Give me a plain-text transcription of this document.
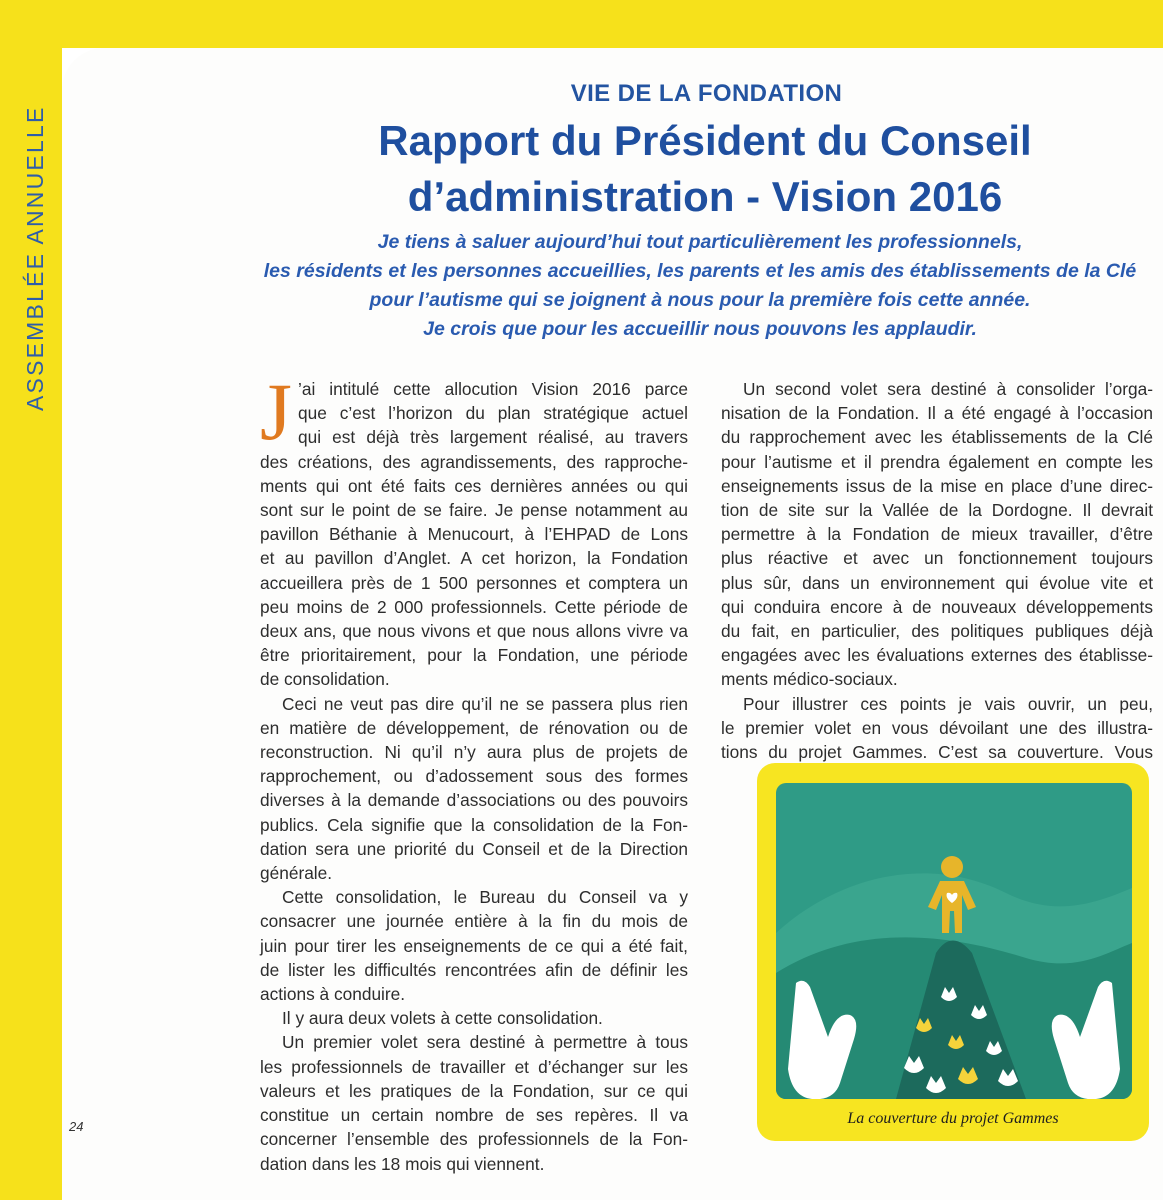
ASSEMBLÉE ANNUELLE
VIE DE LA FONDATION
Rapport du Président du Conseil
d’administration - Vision 2016
Je tiens à saluer aujourd’hui tout particulièrement les professionnels,
les résidents et les personnes accueillies, les parents et les amis des établissements de la Clé
pour l’autisme qui se joignent à nous pour la première fois cette année.
Je crois que pour les accueillir nous pouvons les applaudir.
J ’ai intitulé cette allocution Vision 2016 parce
que c’est l’horizon du plan stratégique actuel
qui est déjà très largement réalisé, au travers
des créations, des agrandissements, des rapproche-
ments qui ont été faits ces dernières années ou qui
sont sur le point de se faire. Je pense notamment au
pavillon Béthanie à Menucourt, à l’EHPAD de Lons
et au pavillon d’Anglet. A cet horizon, la Fondation
accueillera près de 1 500 personnes et comptera un
peu moins de 2 000 professionnels. Cette période de
deux ans, que nous vivons et que nous allons vivre va
être prioritairement, pour la Fondation, une période
de consolidation.
Ceci ne veut pas dire qu’il ne se passera plus rien
en matière de développement, de rénovation ou de
reconstruction. Ni qu’il n’y aura plus de projets de
rapprochement, ou d’adossement sous des formes
diverses à la demande d’associations ou des pouvoirs
publics. Cela signifie que la consolidation de la Fon-
dation sera une priorité du Conseil et de la Direction
générale.
Cette consolidation, le Bureau du Conseil va y
consacrer une journée entière à la fin du mois de
juin pour tirer les enseignements de ce qui a été fait,
de lister les difficultés rencontrées afin de définir les
actions à conduire.
Il y aura deux volets à cette consolidation.
Un premier volet sera destiné à permettre à tous
les professionnels de travailler et d’échanger sur les
valeurs et les pratiques de la Fondation, sur ce qui
constitue un certain nombre de ses repères. Il va
concerner l’ensemble des professionnels de la Fon-
dation dans les 18 mois qui viennent.
Un second volet sera destiné à consolider l’orga-
nisation de la Fondation. Il a été engagé à l’occasion
du rapprochement avec les établissements de la Clé
pour l’autisme et il prendra également en compte les
enseignements issus de la mise en place d’une direc-
tion de site sur la Vallée de la Dordogne. Il devrait
permettre à la Fondation de mieux travailler, d’être
plus réactive et avec un fonctionnement toujours
plus sûr, dans un environnement qui évolue vite et
qui conduira encore à de nouveaux développements
du fait, en particulier, des politiques publiques déjà
engagées avec les évaluations externes des établisse-
ments médico-sociaux.
Pour illustrer ces points je vais ouvrir, un peu,
le premier volet en vous dévoilant une des illustra-
tions du projet Gammes. C’est sa couverture. Vous
La couverture du projet Gammes
24
